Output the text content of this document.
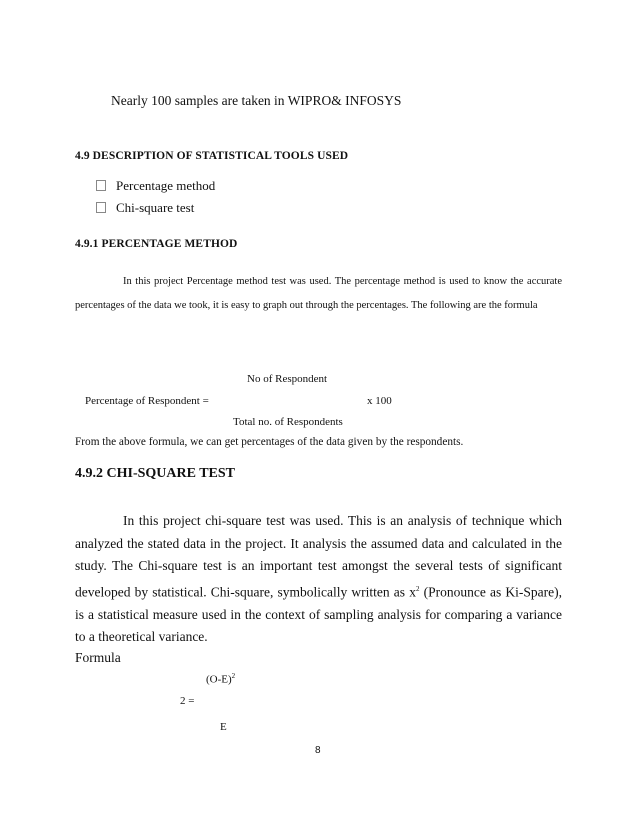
Nearly 100 samples are taken in WIPRO& INFOSYS
4.9 DESCRIPTION OF STATISTICAL TOOLS USED
Percentage method
Chi-square test
4.9.1 PERCENTAGE METHOD

In this project Percentage method test was used. The percentage method is used to know the accurate percentages of the data we took, it is easy to graph out through the percentages. The following are the formula

No of Respondent
Percentage of Respondent =	x 100
Total no. of Respondents
From the above formula, we can get percentages of the data given by the respondents.
4.9.2 CHI-SQUARE TEST

In this project chi-square test was used. This is an analysis of technique which analyzed the stated data in the project. It analysis the assumed data and calculated in the study. The Chi-square test is an important test amongst the several tests of significant developed by statistical. Chi-square, symbolically written as $x^2$ (Pronounce as Ki-Spare), is a statistical measure used in the context of sampling analysis for comparing a variance to a theoretical variance.

Formula
$(O-E)^2$
2 =
E
8
